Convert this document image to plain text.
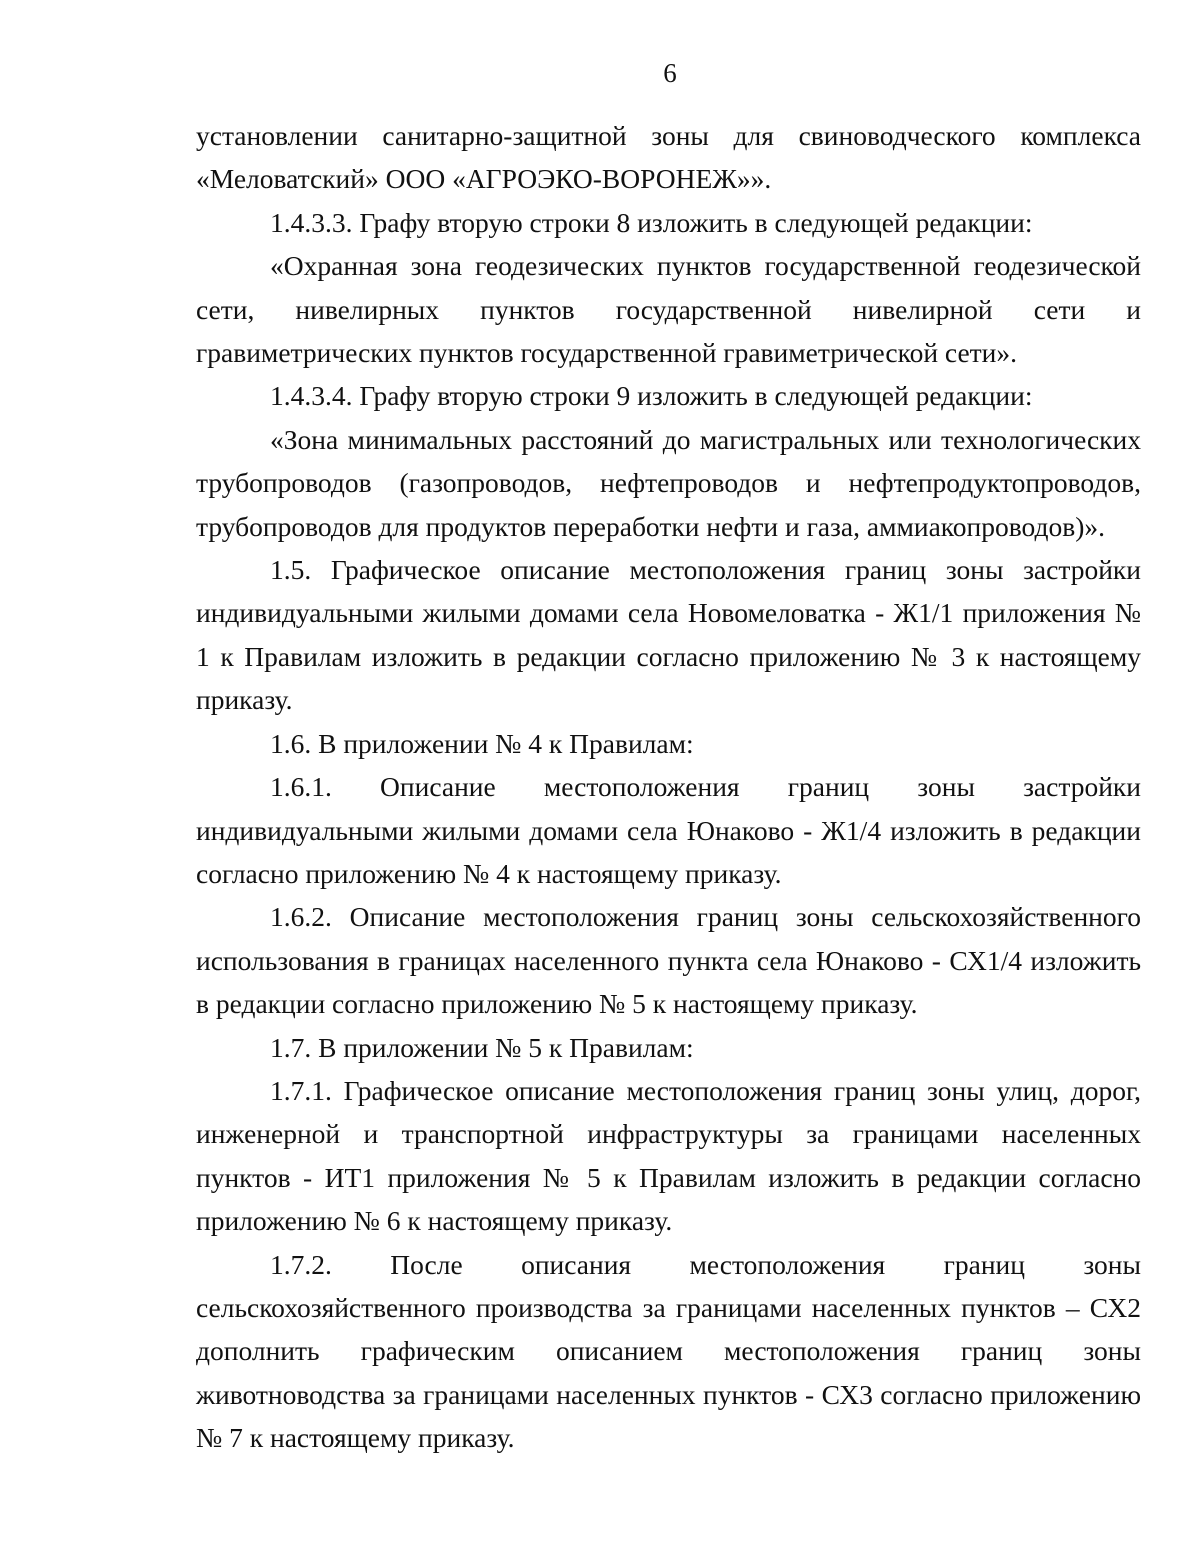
6

установлении санитарно-защитной зоны для свиноводческого комплекса «Меловатский» ООО «АГРОЭКО-ВОРОНЕЖ»».

1.4.3.3. Графу вторую строки 8 изложить в следующей редакции:

«Охранная зона геодезических пунктов государственной геодезической сети, нивелирных пунктов государственной нивелирной сети и гравиметрических пунктов государственной гравиметрической сети».

1.4.3.4. Графу вторую строки 9 изложить в следующей редакции:

«Зона минимальных расстояний до магистральных или технологических трубопроводов (газопроводов, нефтепроводов и нефтепродуктопроводов, трубопроводов для продуктов переработки нефти и газа, аммиакопроводов)».

1.5. Графическое описание местоположения границ зоны застройки индивидуальными жилыми домами села Новомеловатка - Ж1/1 приложения № 1 к Правилам изложить в редакции согласно приложению № 3 к настоящему приказу.

1.6. В приложении № 4 к Правилам:

1.6.1. Описание местоположения границ зоны застройки индивидуальными жилыми домами села Юнаково - Ж1/4 изложить в редакции согласно приложению № 4 к настоящему приказу.

1.6.2. Описание местоположения границ зоны сельскохозяйственного использования в границах населенного пункта села Юнаково - СХ1/4 изложить в редакции согласно приложению № 5 к настоящему приказу.

1.7. В приложении № 5 к Правилам:

1.7.1. Графическое описание местоположения границ зоны улиц, дорог, инженерной и транспортной инфраструктуры за границами населенных пунктов - ИТ1 приложения № 5 к Правилам изложить в редакции согласно приложению № 6 к настоящему приказу.

1.7.2. После описания местоположения границ зоны сельскохозяйственного производства за границами населенных пунктов – СХ2 дополнить графическим описанием местоположения границ зоны животноводства за границами населенных пунктов - СХ3 согласно приложению № 7 к настоящему приказу.
